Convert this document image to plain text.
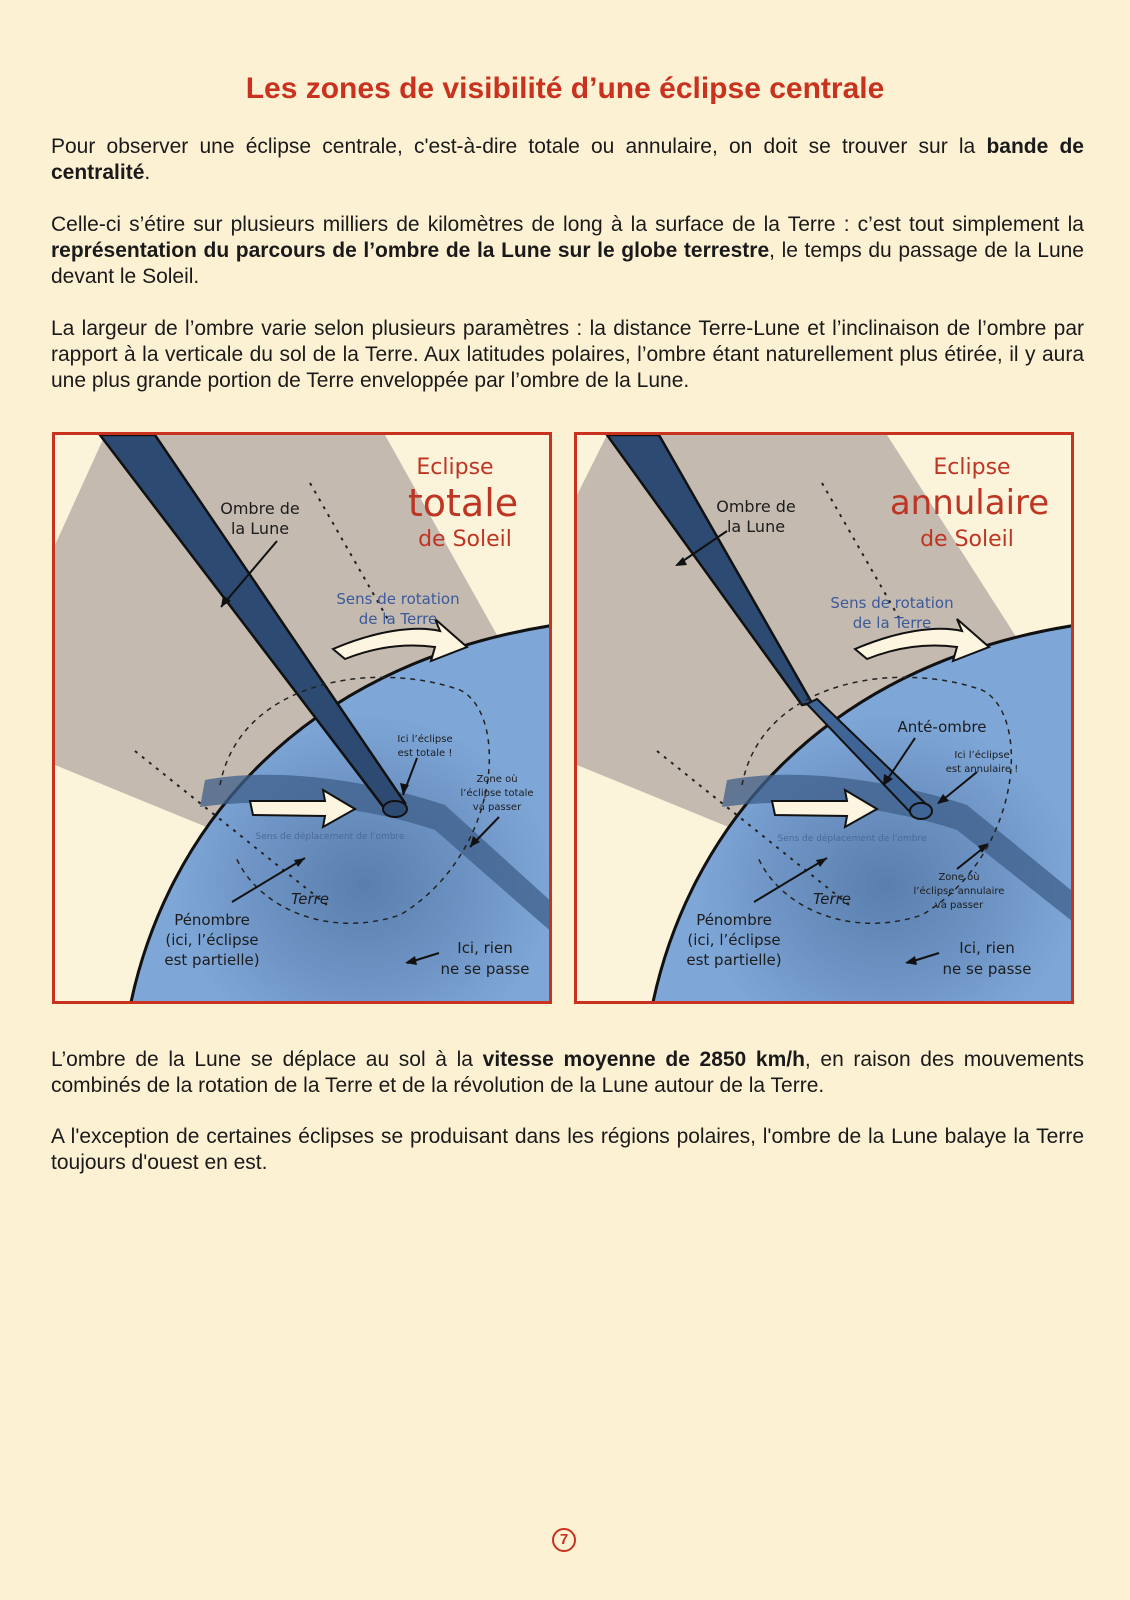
Les zones de visibilité d’une éclipse centrale

Pour observer une éclipse centrale, c'est-à-dire totale ou annulaire, on doit se trouver sur la bande de centralité.

Celle-ci s’étire sur plusieurs milliers de kilomètres de long à la surface de la Terre : c’est tout simplement la représentation du parcours de l’ombre de la Lune sur le globe terrestre, le temps du passage de la Lune devant le Soleil.

La largeur de l’ombre varie selon plusieurs paramètres : la distance Terre-Lune et l’inclinaison de l’ombre par rapport à la verticale du sol de la Terre. Aux latitudes polaires, l’ombre étant naturellement plus étirée, il y aura une plus grande portion de Terre enveloppée par l’ombre de la Lune.

Eclipse
totale
de Soleil
Ombre de
la Lune
Sens de rotation
de la Terre
Ici l’éclipse
est totale !
Zone où
l’éclipse totale
va passer
Sens de déplacement de l’ombre
Terre
Pénombre
(ici, l’éclipse
est partielle)
Ici, rien
ne se passe
Eclipse
annulaire
de Soleil
Ombre de
la Lune
Sens de rotation
de la Terre
Anté-ombre
Ici l’éclipse
est annulaire !
Zone où
l’éclipse annulaire
va passer
Sens de déplacement de l’ombre
Terre
Pénombre
(ici, l’éclipse
est partielle)
Ici, rien
ne se passe

L’ombre de la Lune se déplace au sol à la vitesse moyenne de 2850 km/h, en raison des mouvements combinés de la rotation de la Terre et de la révolution de la Lune autour de la Terre.

A l'exception de certaines éclipses se produisant dans les régions polaires, l'ombre de la Lune balaye la Terre toujours d'ouest en est.

7
